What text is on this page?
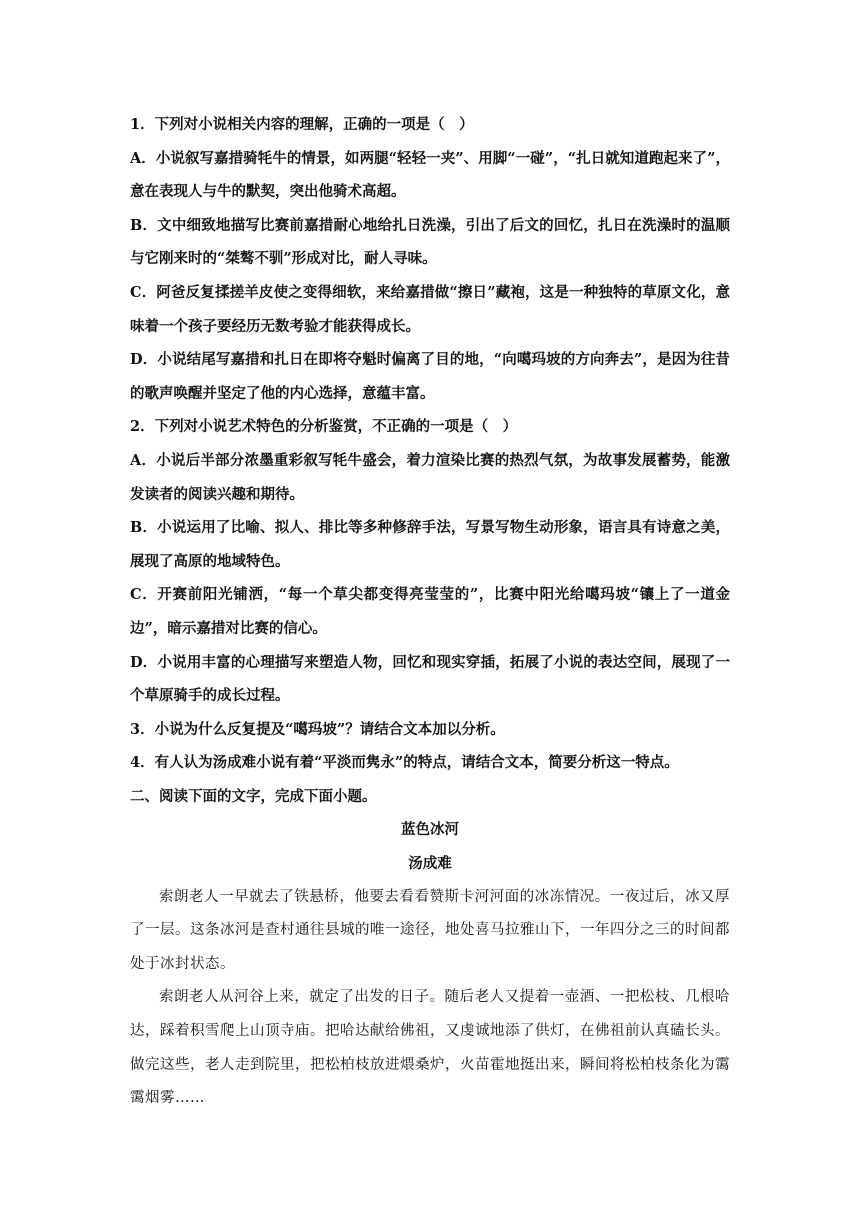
1．下列对小说相关内容的理解，正确的一项是（　）

A．小说叙写嘉措骑牦牛的情景，如两腿“轻轻一夹”、用脚“一碰”，“扎日就知道跑起来了”，意在表现人与牛的默契，突出他骑术高超。

B．文中细致地描写比赛前嘉措耐心地给扎日洗澡，引出了后文的回忆，扎日在洗澡时的温顺与它刚来时的“桀骜不驯”形成对比，耐人寻味。

C．阿爸反复揉搓羊皮使之变得细软，来给嘉措做“擦日”藏袍，这是一种独特的草原文化，意味着一个孩子要经历无数考验才能获得成长。

D．小说结尾写嘉措和扎日在即将夺魁时偏离了目的地，“向噶玛坡的方向奔去”，是因为往昔的歌声唤醒并坚定了他的内心选择，意蕴丰富。

2．下列对小说艺术特色的分析鉴赏，不正确的一项是（　）

A．小说后半部分浓墨重彩叙写牦牛盛会，着力渲染比赛的热烈气氛，为故事发展蓄势，能激发读者的阅读兴趣和期待。

B．小说运用了比喻、拟人、排比等多种修辞手法，写景写物生动形象，语言具有诗意之美，展现了高原的地域特色。

C．开赛前阳光铺洒，“每一个草尖都变得亮莹莹的”，比赛中阳光给噶玛坡“镶上了一道金边”，暗示嘉措对比赛的信心。

D．小说用丰富的心理描写来塑造人物，回忆和现实穿插，拓展了小说的表达空间，展现了一个草原骑手的成长过程。

3．小说为什么反复提及“噶玛坡”？请结合文本加以分析。

4．有人认为汤成难小说有着“平淡而隽永”的特点，请结合文本，简要分析这一特点。

二、阅读下面的文字，完成下面小题。

蓝色冰河

汤成难

索朗老人一早就去了铁悬桥，他要去看看赞斯卡河河面的冰冻情况。一夜过后，冰又厚了一层。这条冰河是查村通往县城的唯一途径，地处喜马拉雅山下，一年四分之三的时间都处于冰封状态。

索朗老人从河谷上来，就定了出发的日子。随后老人又提着一壶酒、一把松枝、几根哈达，踩着积雪爬上山顶寺庙。把哈达献给佛祖，又虔诚地添了供灯，在佛祖前认真磕长头。做完这些，老人走到院里，把松柏枝放进煨桑炉，火苗霍地挺出来，瞬间将松柏枝条化为霭霭烟雾……
